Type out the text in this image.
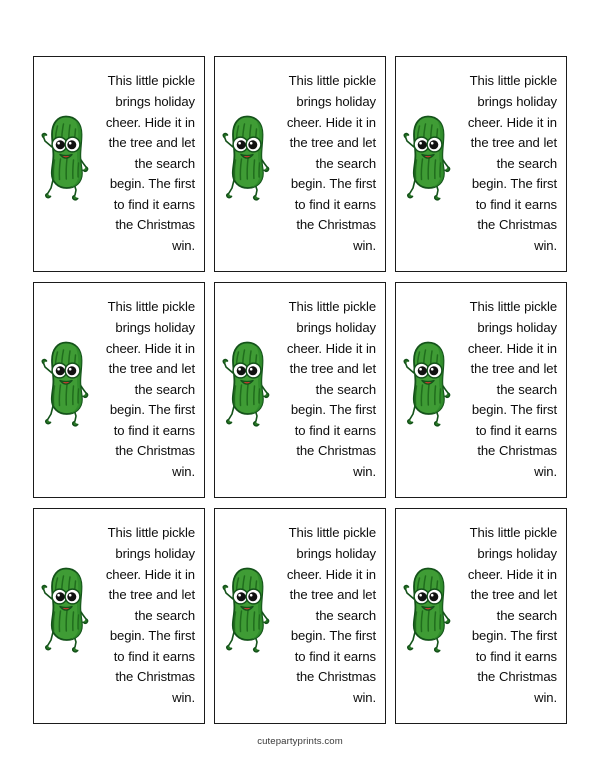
This little pickle brings holiday cheer. Hide it in the tree and let the search begin. The first to find it earns the Christmas win.
This little pickle brings holiday cheer. Hide it in the tree and let the search begin. The first to find it earns the Christmas win.
This little pickle brings holiday cheer. Hide it in the tree and let the search begin. The first to find it earns the Christmas win.
This little pickle brings holiday cheer. Hide it in the tree and let the search begin. The first to find it earns the Christmas win.
This little pickle brings holiday cheer. Hide it in the tree and let the search begin. The first to find it earns the Christmas win.
This little pickle brings holiday cheer. Hide it in the tree and let the search begin. The first to find it earns the Christmas win.
This little pickle brings holiday cheer. Hide it in the tree and let the search begin. The first to find it earns the Christmas win.
This little pickle brings holiday cheer. Hide it in the tree and let the search begin. The first to find it earns the Christmas win.
This little pickle brings holiday cheer. Hide it in the tree and let the search begin. The first to find it earns the Christmas win.
cutepartyprints.com
